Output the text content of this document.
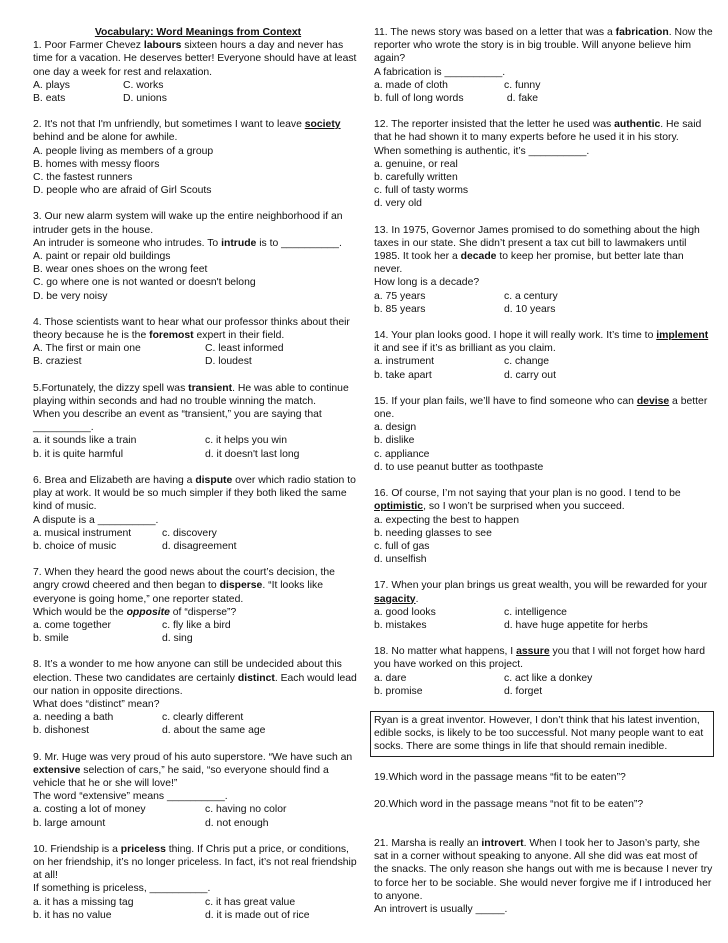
Vocabulary: Word Meanings from Context

1. Poor Farmer Chevez labours sixteen hours a day and never has time for a vacation. He deserves better! Everyone should have at least one day a week for rest and relaxation.

A. plays	C. works
B. eats	D. unions

2. It's not that I'm unfriendly, but sometimes I want to leave society behind and be alone for awhile.

A. people living as members of a group
B. homes with messy floors
C. the fastest runners
D. people who are afraid of Girl Scouts

3. Our new alarm system will wake up the entire neighborhood if an intruder gets in the house.

An intruder is someone who intrudes. To intrude is to __________.

A. paint or repair old buildings
B. wear ones shoes on the wrong feet
C. go where one is not wanted or doesn't belong
D. be very noisy

4. Those scientists want to hear what our professor thinks about their theory because he is the foremost expert in their field.

A. The first or main one	C. least informed
B. craziest	D. loudest

5.Fortunately, the dizzy spell was transient. He was able to continue playing within seconds and had no trouble winning the match.

When you describe an event as “transient,” you are saying that __________.

a. it sounds like a train	c. it helps you win
b. it is quite harmful	d. it doesn't last long

6. Brea and Elizabeth are having a dispute over which radio station to play at work. It would be so much simpler if they both liked the same kind of music.

A dispute is a __________.

a. musical instrument	c. discovery
b. choice of music	d. disagreement

7. When they heard the good news about the court’s decision, the angry crowd cheered and then began to disperse. “It looks like everyone is going home,” one reporter stated.

Which would be the opposite of “disperse”?

a. come together	c. fly like a bird
b. smile	d. sing

8. It’s a wonder to me how anyone can still be undecided about this election. These two candidates are certainly distinct. Each would lead our nation in opposite directions.

What does “distinct” mean?

a. needing a bath	c. clearly different
b. dishonest	d. about the same age

9. Mr. Huge was very proud of his auto superstore. “We have such an extensive selection of cars,” he said, “so everyone should find a vehicle that he or she will love!”

The word “extensive” means __________.

a. costing a lot of money	c. having no color
b. large amount	d. not enough

10. Friendship is a priceless thing. If Chris put a price, or conditions, on her friendship, it’s no longer priceless. In fact, it’s not real friendship at all!

If something is priceless, __________.

a. it has a missing tag	c. it has great value
b. it has no value	d. it is made out of rice

11. The news story was based on a letter that was a fabrication. Now the reporter who wrote the story is in big trouble. Will anyone believe him again?

A fabrication is __________.

a. made of cloth	c. funny
b. full of long words	d. fake

12. The reporter insisted that the letter he used was authentic. He said that he had shown it to many experts before he used it in his story.

When something is authentic, it’s __________.

a. genuine, or real
b. carefully written
c. full of tasty worms
d. very old

13. In 1975, Governor James promised to do something about the high taxes in our state. She didn’t present a tax cut bill to lawmakers until 1985. It took her a decade to keep her promise, but better late than never.

How long is a decade?

a. 75 years	c. a century
b. 85 years	d. 10 years

14. Your plan looks good. I hope it will really work. It’s time to implement it and see if it’s as brilliant as you claim.

a. instrument	c. change
b. take apart	d. carry out

15. If your plan fails, we’ll have to find someone who can devise a better one.

a. design
b. dislike
c. appliance
d. to use peanut butter as toothpaste

16. Of course, I’m not saying that your plan is no good. I tend to be optimistic, so I won’t be surprised when you succeed.

a. expecting the best to happen
b. needing glasses to see
c. full of gas
d. unselfish

17. When your plan brings us great wealth, you will be rewarded for your sagacity.

a. good looks	c. intelligence
b. mistakes	d. have huge appetite for herbs

18. No matter what happens, I assure you that I will not forget how hard you have worked on this project.

a. dare	c. act like a donkey
b. promise	d. forget
Ryan is a great inventor. However, I don’t think that his latest invention, edible socks, is likely to be too successful. Not many people want to eat socks. There are some things in life that should remain inedible.

19.Which word in the passage means “fit to be eaten”?

20.Which word in the passage means “not fit to be eaten”?

21. Marsha is really an introvert. When I took her to Jason’s party, she sat in a corner without speaking to anyone. All she did was eat most of the snacks. The only reason she hangs out with me is because I never try to force her to be sociable. She would never forgive me if I introduced her to anyone.

An introvert is usually _____.
